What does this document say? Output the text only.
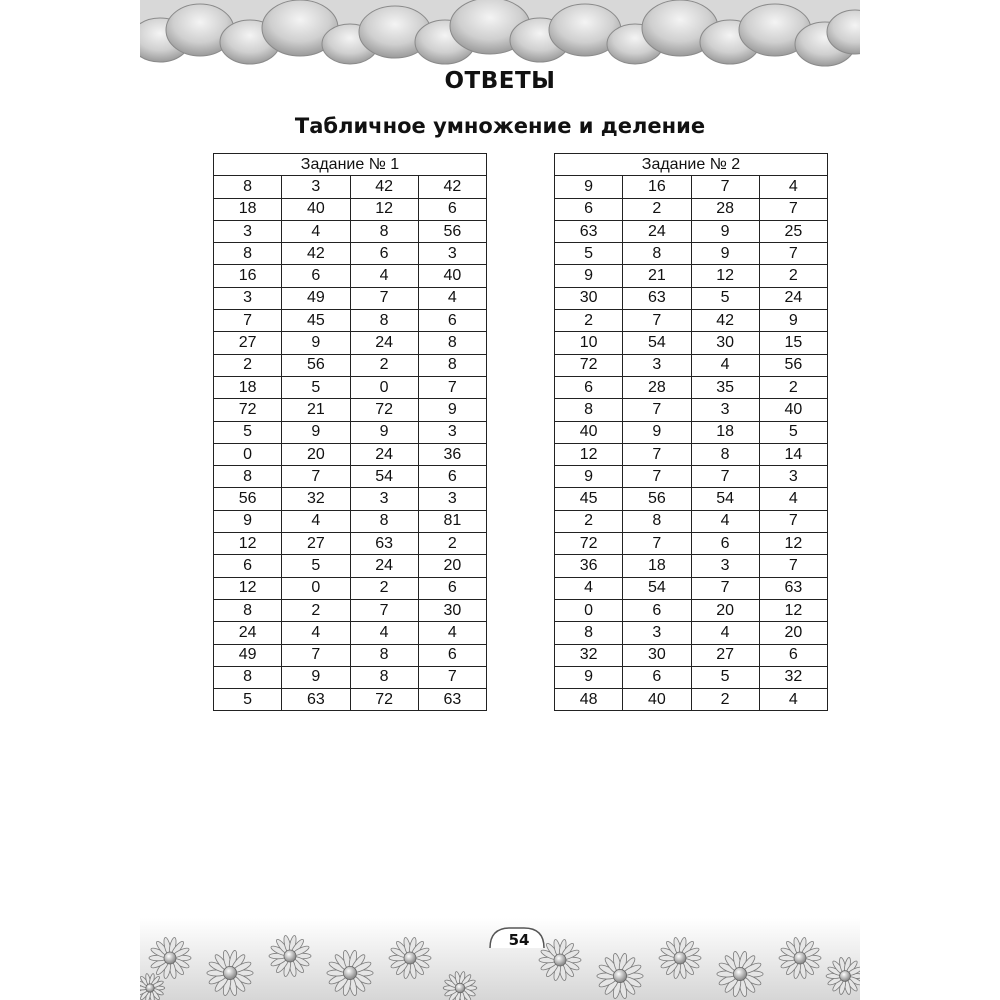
ОТВЕТЫ
Табличное умножение и деление
Задание № 1			
8	3	42	42
18	40	12	6
3	4	8	56
8	42	6	3
16	6	4	40
3	49	7	4
7	45	8	6
27	9	24	8
2	56	2	8
18	5	0	7
72	21	72	9
5	9	9	3
0	20	24	36
8	7	54	6
56	32	3	3
9	4	8	81
12	27	63	2
6	5	24	20
12	0	2	6
8	2	7	30
24	4	4	4
49	7	8	6
8	9	8	7
5	63	72	63
Задание № 2			
9	16	7	4
6	2	28	7
63	24	9	25
5	8	9	7
9	21	12	2
30	63	5	24
2	7	42	9
10	54	30	15
72	3	4	56
6	28	35	2
8	7	3	40
40	9	18	5
12	7	8	14
9	7	7	3
45	56	54	4
2	8	4	7
72	7	6	12
36	18	3	7
4	54	7	63
0	6	20	12
8	3	4	20
32	30	27	6
9	6	5	32
48	40	2	4
54
